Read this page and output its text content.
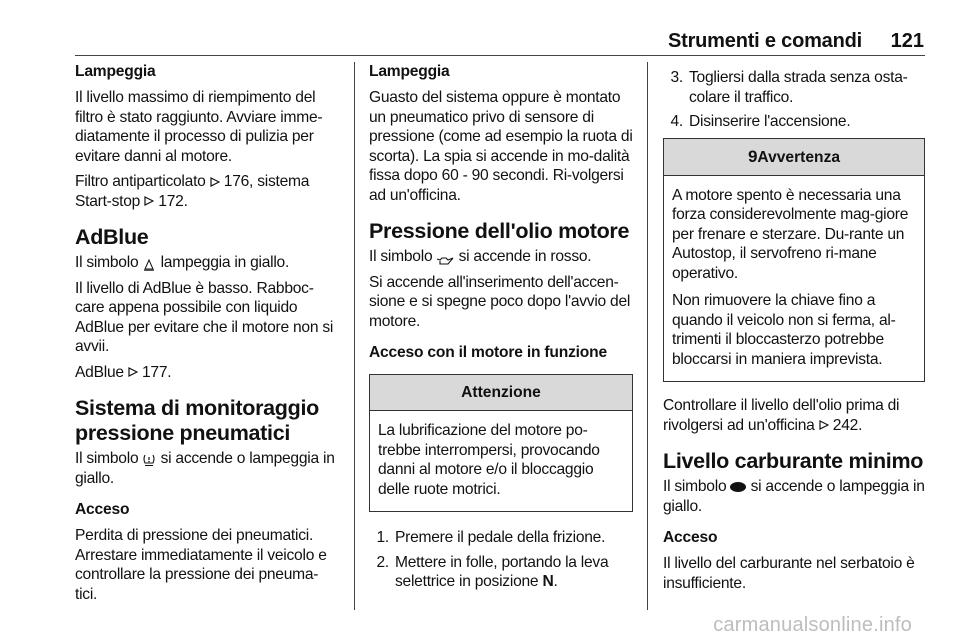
Strumenti e comandi 121
Lampeggia

Il livello massimo di riempimento del filtro è stato raggiunto. Avviare imme-diatamente il processo di pulizia per evitare danni al motore.

Filtro antiparticolato 176, sistema Start-stop 172.

AdBlue

Il simbolo lampeggia in giallo.

Il livello di AdBlue è basso. Rabboc-care appena possibile con liquido AdBlue per evitare che il motore non si avvii.

AdBlue 177.

Sistema di monitoraggio
pressione pneumatici

Il simbolo si accende o lampeggia in giallo.

Acceso

Perdita di pressione dei pneumatici. Arrestare immediatamente il veicolo e controllare la pressione dei pneuma-tici.

Lampeggia

Guasto del sistema oppure è montato un pneumatico privo di sensore di pressione (come ad esempio la ruota di scorta). La spia si accende in mo-dalità fissa dopo 60 - 90 secondi. Ri-volgersi ad un'officina.

Pressione dell'olio motore

Il simbolo si accende in rosso.

Si accende all'inserimento dell'accen-sione e si spegne poco dopo l'avvio del motore.

Acceso con il motore in funzione
Attenzione

La lubrificazione del motore po-trebbe interrompersi, provocando danni al motore e/o il bloccaggio delle ruote motrici.

1. Premere il pedale della frizione.
2. Mettere in folle, portando la leva selettrice in posizione N.
3. Togliersi dalla strada senza osta-colare il traffico.
4. Disinserire l'accensione.
9Avvertenza

A motore spento è necessaria una forza considerevolmente mag-giore per frenare e sterzare. Du-rante un Autostop, il servofreno ri-mane operativo.

Non rimuovere la chiave fino a quando il veicolo non si ferma, al-trimenti il bloccasterzo potrebbe bloccarsi in maniera imprevista.

Controllare il livello dell'olio prima di rivolgersi ad un'officina 242.

Livello carburante minimo

Il simbolo si accende o lampeggia in giallo.

Acceso

Il livello del carburante nel serbatoio è insufficiente.

carmanualsonline.info
